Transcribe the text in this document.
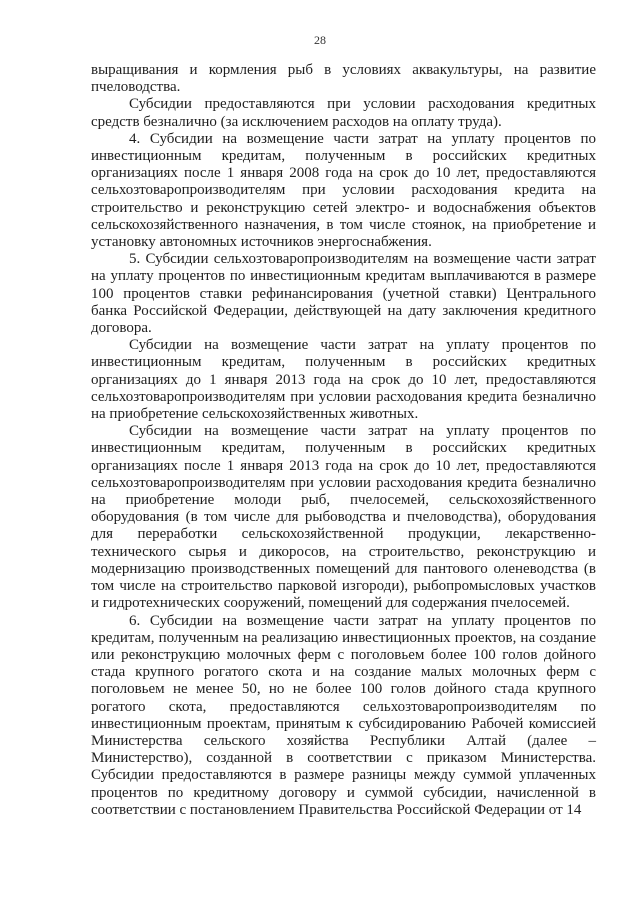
28

выращивания и кормления рыб в условиях аквакультуры, на развитие пчеловодства.

Субсидии предоставляются при условии расходования кредитных средств безналично (за исключением расходов на оплату труда).

4. Субсидии на возмещение части затрат на уплату процентов по инвестиционным кредитам, полученным в российских кредитных организациях после 1 января 2008 года на срок до 10 лет, предоставляются сельхозтоваропроизводителям при условии расходования кредита на строительство и реконструкцию сетей электро- и водоснабжения объектов сельскохозяйственного назначения, в том числе стоянок, на приобретение и установку автономных источников энергоснабжения.

5. Субсидии сельхозтоваропроизводителям на возмещение части затрат на уплату процентов по инвестиционным кредитам выплачиваются в размере 100 процентов ставки рефинансирования (учетной ставки) Центрального банка Российской Федерации, действующей на дату заключения кредитного договора.

Субсидии на возмещение части затрат на уплату процентов по инвестиционным кредитам, полученным в российских кредитных организациях до 1 января 2013 года на срок до 10 лет, предоставляются сельхозтоваропроизводителям при условии расходования кредита безналично на приобретение сельскохозяйственных животных.

Субсидии на возмещение части затрат на уплату процентов по инвестиционным кредитам, полученным в российских кредитных организациях после 1 января 2013 года на срок до 10 лет, предоставляются сельхозтоваропроизводителям при условии расходования кредита безналично на приобретение молоди рыб, пчелосемей, сельскохозяйственного оборудования (в том числе для рыбоводства и пчеловодства), оборудования для переработки сельскохозяйственной продукции, лекарственно-технического сырья и дикоросов, на строительство, реконструкцию и модернизацию производственных помещений для пантового оленеводства (в том числе на строительство парковой изгороди), рыбопромысловых участков и гидротехнических сооружений, помещений для содержания пчелосемей.

6. Субсидии на возмещение части затрат на уплату процентов по кредитам, полученным на реализацию инвестиционных проектов, на создание или реконструкцию молочных ферм с поголовьем более 100 голов дойного стада крупного рогатого скота и на создание малых молочных ферм с поголовьем не менее 50, но не более 100 голов дойного стада крупного рогатого скота, предоставляются сельхозтоваропроизводителям по инвестиционным проектам, принятым к субсидированию Рабочей комиссией Министерства сельского хозяйства Республики Алтай (далее – Министерство), созданной в соответствии с приказом Министерства. Субсидии предоставляются в размере разницы между суммой уплаченных процентов по кредитному договору и суммой субсидии, начисленной в соответствии с постановлением Правительства Российской Федерации от 14
